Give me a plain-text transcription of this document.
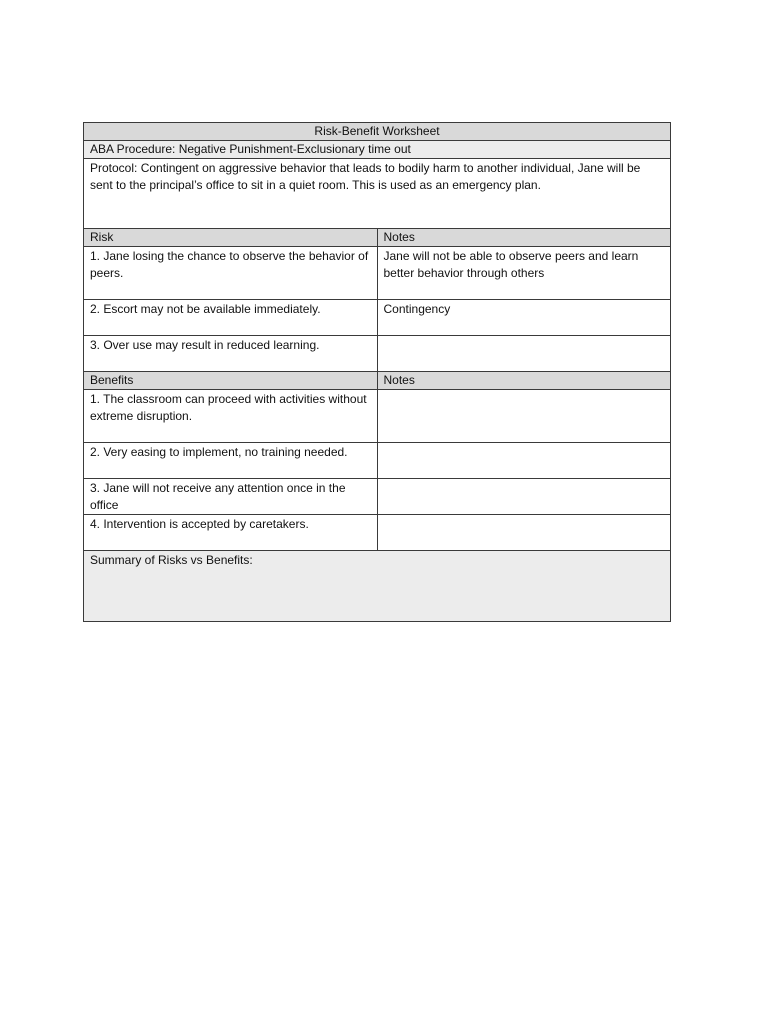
Risk-Benefit Worksheet	
ABA Procedure: Negative Punishment-Exclusionary time out	
Protocol: Contingent on aggressive behavior that leads to bodily harm to another individual, Jane will be sent to the principal’s office to sit in a quiet room. This is used as an emergency plan.	
Risk	Notes
1. Jane losing the chance to observe the behavior of peers.	Jane will not be able to observe peers and learn better behavior through others
2. Escort may not be available immediately.	Contingency
3. Over use may result in reduced learning.	
Benefits	Notes
1. The classroom can proceed with activities without extreme disruption.	
2. Very easing to implement, no training needed.	
3. Jane will not receive any attention once in the office	
4. Intervention is accepted by caretakers.	
Summary of Risks vs Benefits:	
